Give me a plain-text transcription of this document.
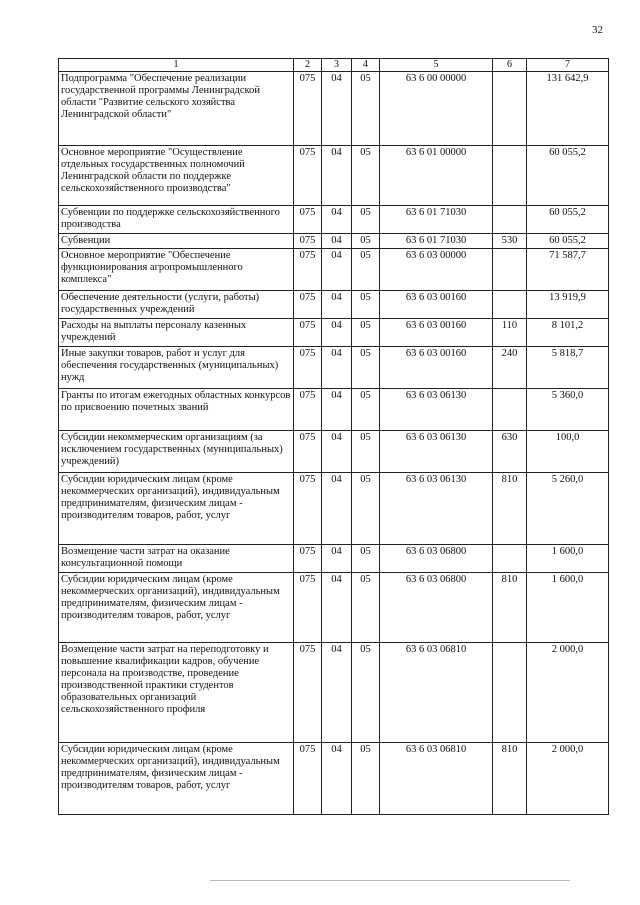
32
1	2	3	4	5	6	7
Подпрограмма "Обеспечение реализации государственной программы Ленинградской области "Развитие сельского хозяйства Ленинградской области"	075	04	05	63 6 00 00000		131 642,9
Основное мероприятие "Осуществление отдельных государственных полномочий Ленинградской области по поддержке сельскохозяйственного производства"	075	04	05	63 6 01 00000		60 055,2
Субвенции по поддержке сельскохозяйственного производства	075	04	05	63 6 01 71030		60 055,2
Субвенции	075	04	05	63 6 01 71030	530	60 055,2
Основное мероприятие "Обеспечение функционирования агропромышленного комплекса"	075	04	05	63 6 03 00000		71 587,7
Обеспечение деятельности (услуги, работы) государственных учреждений	075	04	05	63 6 03 00160		13 919,9
Расходы на выплаты персоналу казенных учреждений	075	04	05	63 6 03 00160	110	8 101,2
Иные закупки товаров, работ и услуг для обеспечения государственных (муниципальных) нужд	075	04	05	63 6 03 00160	240	5 818,7
Гранты по итогам ежегодных областных конкурсов по присвоению почетных званий	075	04	05	63 6 03 06130		5 360,0
Субсидии некоммерческим организациям (за исключением государственных (муниципальных) учреждений)	075	04	05	63 6 03 06130	630	100,0
Субсидии юридическим лицам (кроме некоммерческих организаций), индивидуальным предпринимателям, физическим лицам - производителям товаров, работ, услуг	075	04	05	63 6 03 06130	810	5 260,0
Возмещение части затрат на оказание консультационной помощи	075	04	05	63 6 03 06800		1 600,0
Субсидии юридическим лицам (кроме некоммерческих организаций), индивидуальным предпринимателям, физическим лицам - производителям товаров, работ, услуг	075	04	05	63 6 03 06800	810	1 600,0
Возмещение части затрат на переподготовку и повышение квалификации кадров, обучение персонала на производстве, проведение производственной практики студентов образовательных организаций сельскохозяйственного профиля	075	04	05	63 6 03 06810		2 000,0
Субсидии юридическим лицам (кроме некоммерческих организаций), индивидуальным предпринимателям, физическим лицам - производителям товаров, работ, услуг	075	04	05	63 6 03 06810	810	2 000,0
